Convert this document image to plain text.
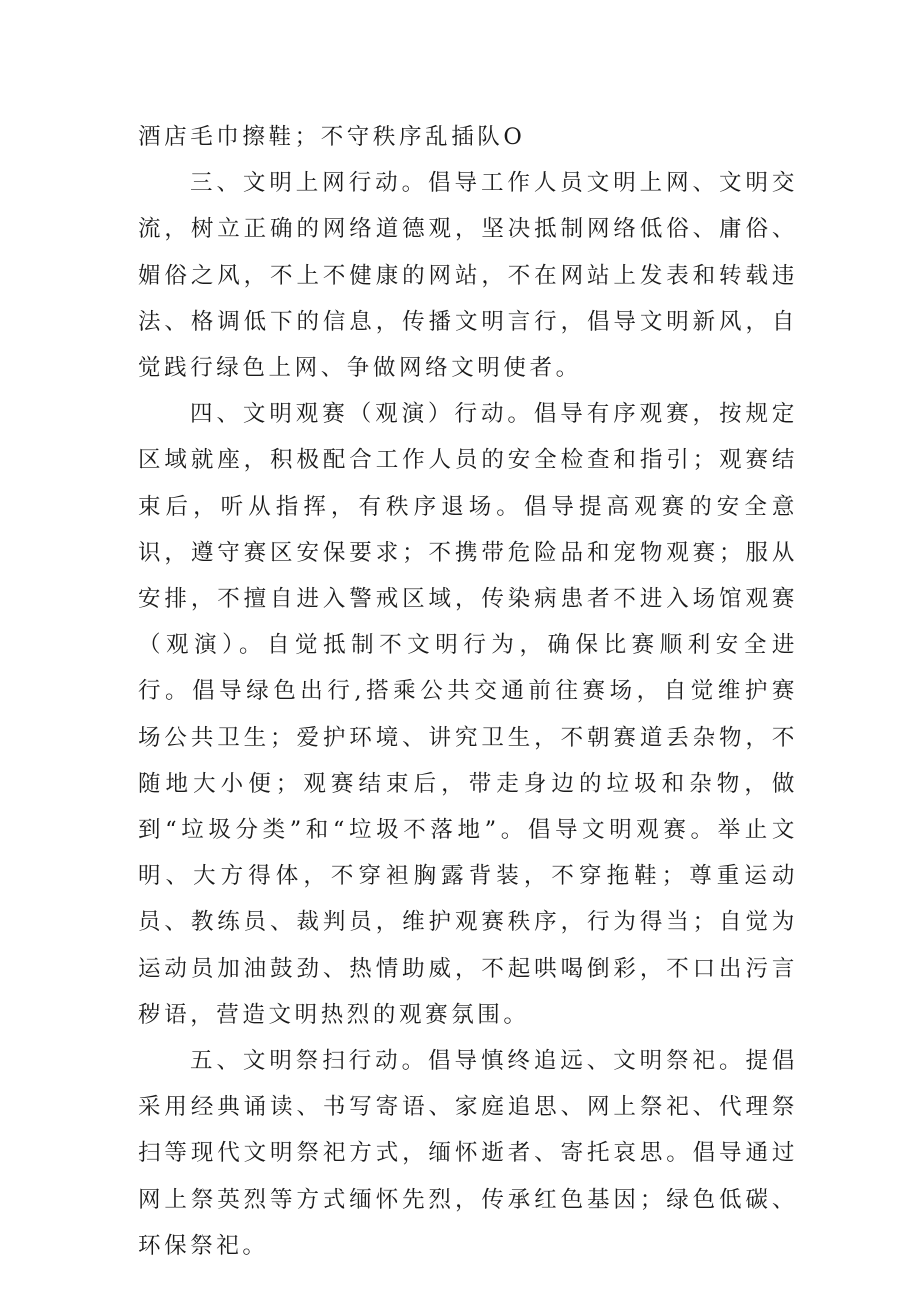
酒店毛巾擦鞋；不守秩序乱插队O

三、文明上网行动。倡导工作人员文明上网、文明交流，树立正确的网络道德观，坚决抵制网络低俗、庸俗、媚俗之风，不上不健康的网站，不在网站上发表和转载违法、格调低下的信息，传播文明言行，倡导文明新风，自觉践行绿色上网、争做网络文明使者。

四、文明观赛（观演）行动。倡导有序观赛，按规定区域就座，积极配合工作人员的安全检查和指引；观赛结束后，听从指挥，有秩序退场。倡导提高观赛的安全意识，遵守赛区安保要求；不携带危险品和宠物观赛；服从安排，不擅自进入警戒区域，传染病患者不进入场馆观赛（观演）。自觉抵制不文明行为，确保比赛顺利安全进行。倡导绿色出行,搭乘公共交通前往赛场，自觉维护赛场公共卫生；爱护环境、讲究卫生，不朝赛道丢杂物，不随地大小便；观赛结束后，带走身边的垃圾和杂物，做到“垃圾分类”和“垃圾不落地”。倡导文明观赛。举止文明、大方得体，不穿袒胸露背装，不穿拖鞋；尊重运动员、教练员、裁判员，维护观赛秩序，行为得当；自觉为运动员加油鼓劲、热情助威，不起哄喝倒彩，不口出污言秽语，营造文明热烈的观赛氛围。

五、文明祭扫行动。倡导慎终追远、文明祭祀。提倡采用经典诵读、书写寄语、家庭追思、网上祭祀、代理祭扫等现代文明祭祀方式，缅怀逝者、寄托哀思。倡导通过网上祭英烈等方式缅怀先烈，传承红色基因；绿色低碳、环保祭祀。
